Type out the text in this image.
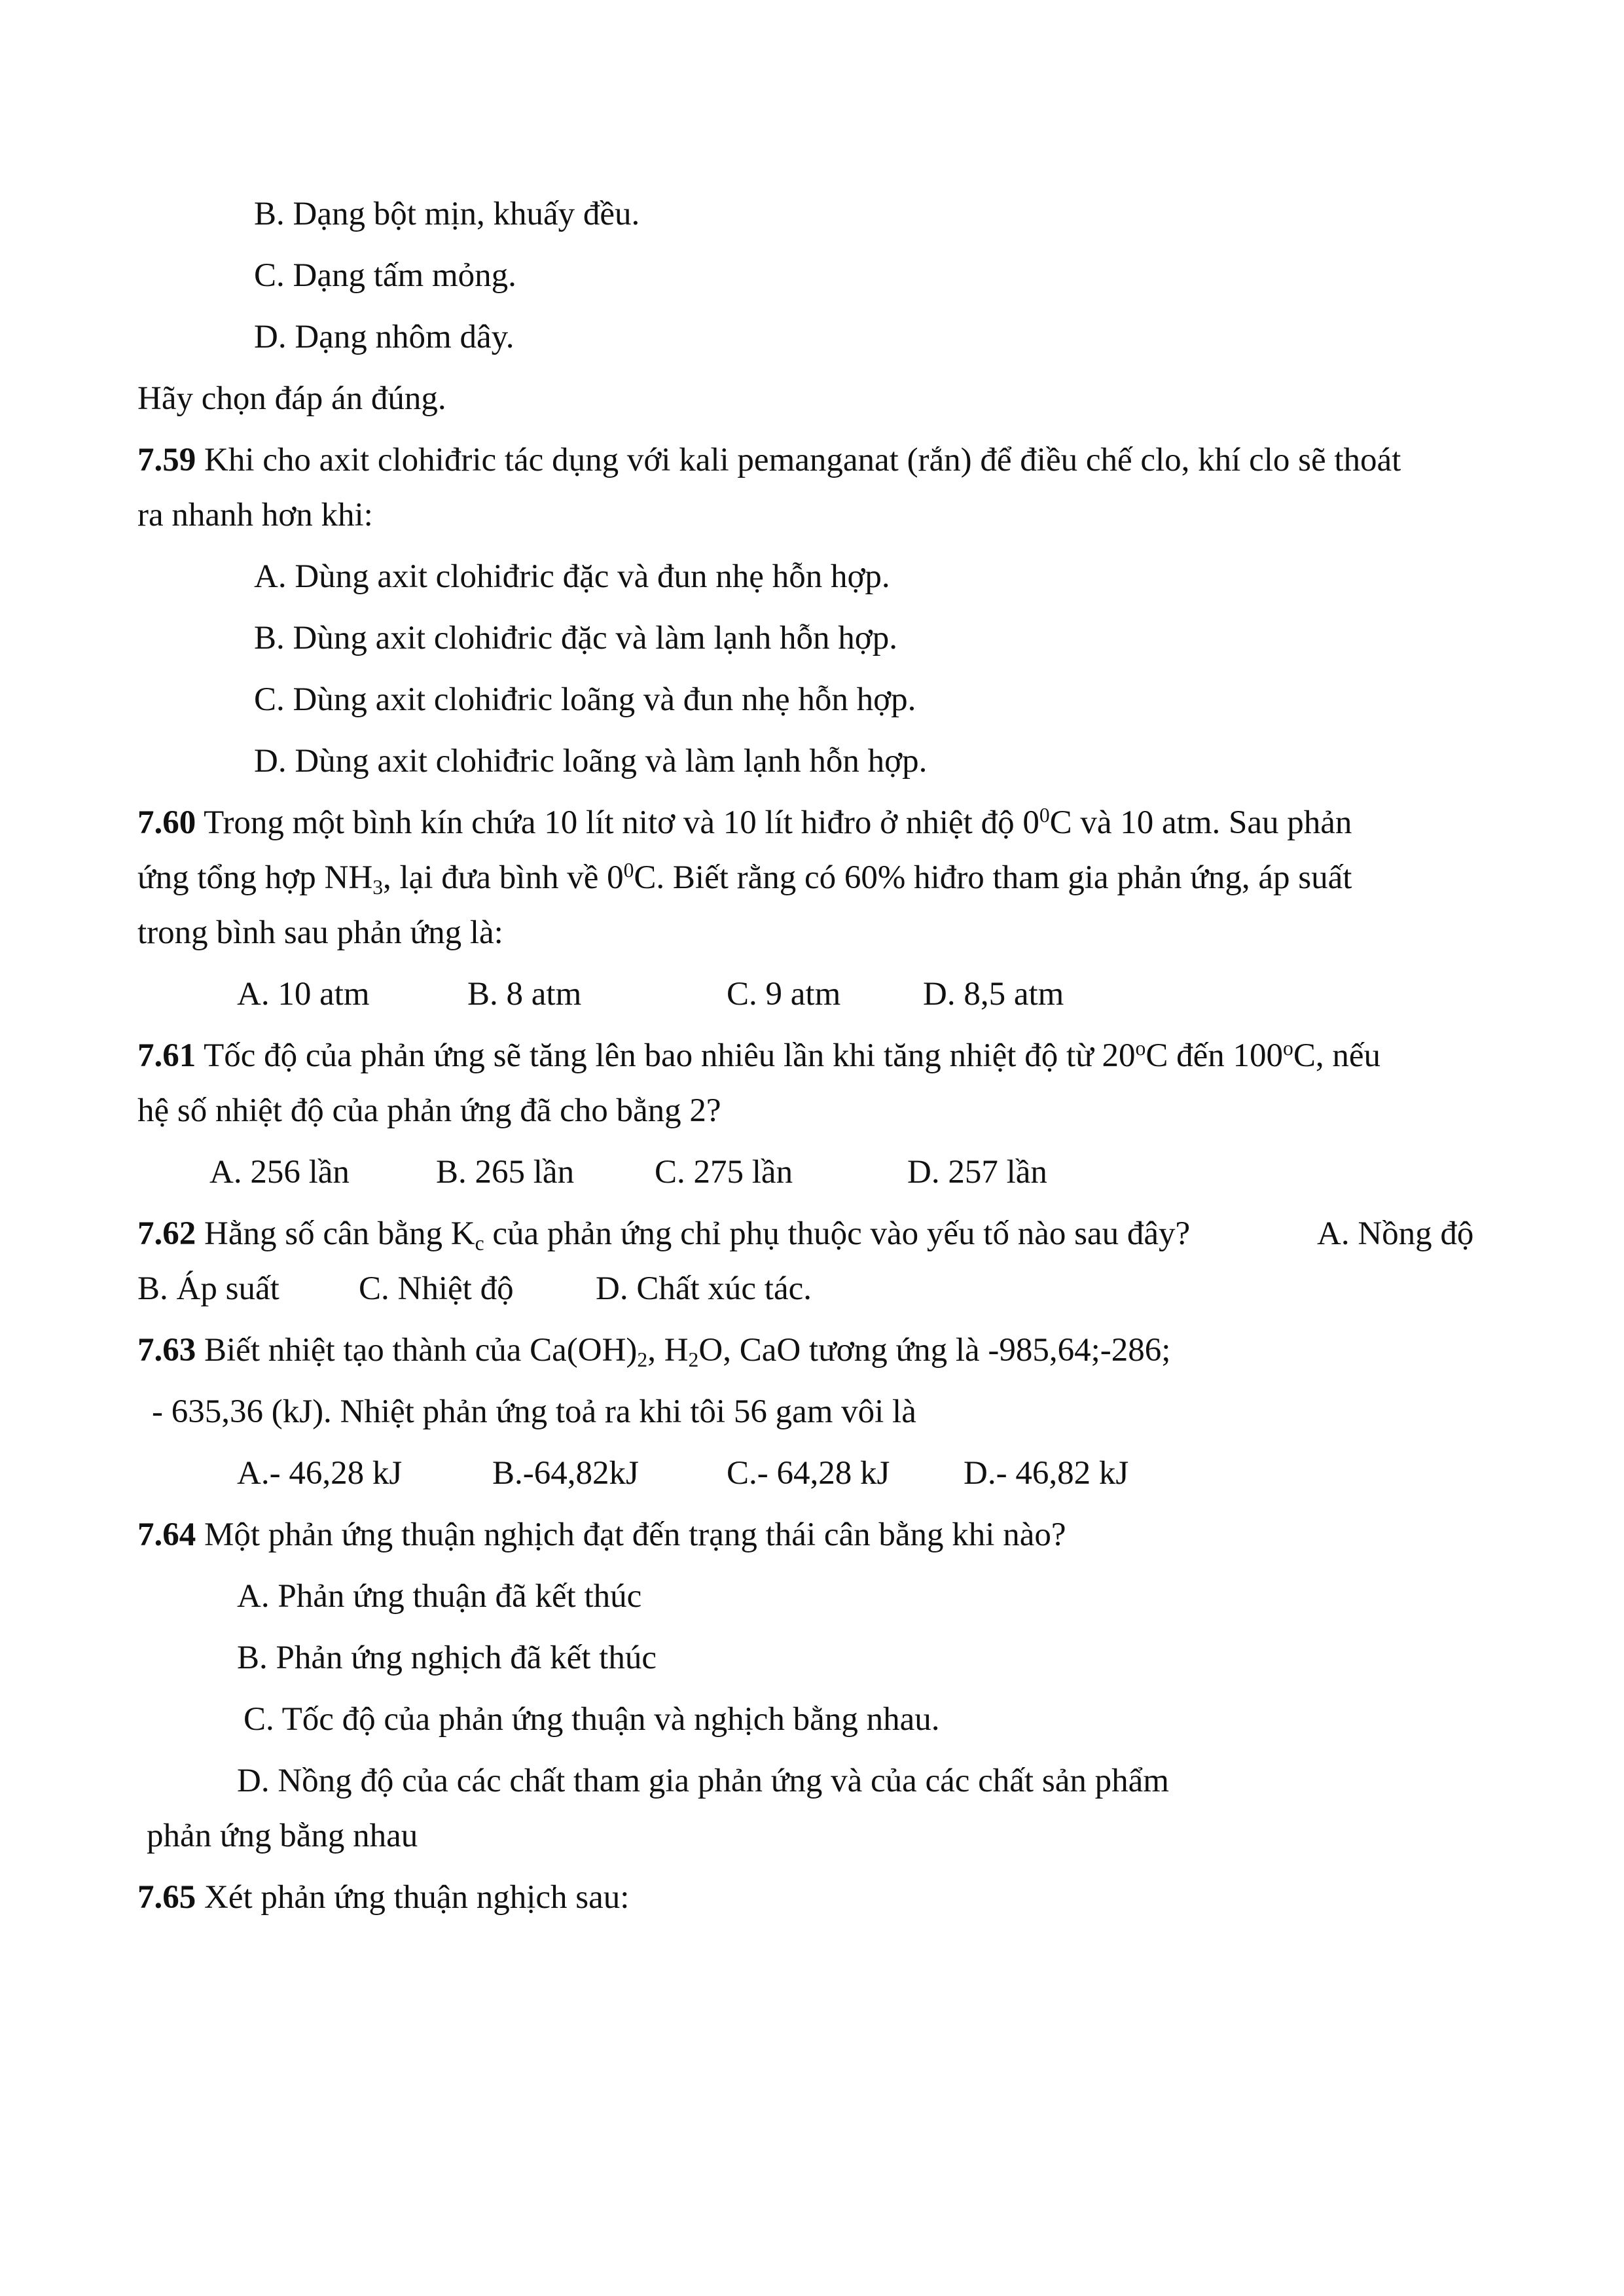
B. Dạng bột mịn, khuấy đều.
C. Dạng tấm mỏng.
D. Dạng nhôm dây.
Hãy chọn đáp án đúng.
7.59 Khi cho axit clohiđric tác dụng với kali pemanganat (rắn) để điều chế clo, khí clo sẽ thoát
ra nhanh hơn khi:
A. Dùng axit clohiđric đặc và đun nhẹ hỗn hợp.
B. Dùng axit clohiđric đặc và làm lạnh hỗn hợp.
C. Dùng axit clohiđric loãng và đun nhẹ hỗn hợp.
D. Dùng axit clohiđric loãng và làm lạnh hỗn hợp.
7.60 Trong một bình kín chứa 10 lít nitơ và 10 lít hiđro ở nhiệt độ $0^0C$ và 10 atm. Sau phản
ứng tổng hợp $NH_3$, lại đưa bình về $0^0C$. Biết rằng có 60% hiđro tham gia phản ứng, áp suất
trong bình sau phản ứng là:
A. 10 atm	B. 8 atm	C. 9 atm D. 8,5 atm
7.61 Tốc độ của phản ứng sẽ tăng lên bao nhiêu lần khi tăng nhiệt độ từ 20$^o$C đến 100$^o$C, nếu
hệ số nhiệt độ của phản ứng đã cho bằng 2?
A. 256 lần	B. 265 lần C. 275 lần	D. 257 lần
7.62 Hằng số cân bằng $K_c$ của phản ứng chỉ phụ thuộc vào yếu tố nào sau đây?	A. Nồng độ
B. Áp suất C. Nhiệt độ D. Chất xúc tác.
7.63 Biết nhiệt tạo thành của $Ca(OH)_2$, $H_2O$, CaO tương ứng là -985,64;-286;
- 635,36 (kJ). Nhiệt phản ứng toả ra khi tôi 56 gam vôi là
A.- 46,28 kJ	B.-64,82kJ	C.- 64,28 kJ D.- 46,82 kJ
7.64 Một phản ứng thuận nghịch đạt đến trạng thái cân bằng khi nào?
A. Phản ứng thuận đã kết thúc
B. Phản ứng nghịch đã kết thúc
C. Tốc độ của phản ứng thuận và nghịch bằng nhau.
D. Nồng độ của các chất tham gia phản ứng và của các chất sản phẩm
phản ứng bằng nhau
7.65 Xét phản ứng thuận nghịch sau:
